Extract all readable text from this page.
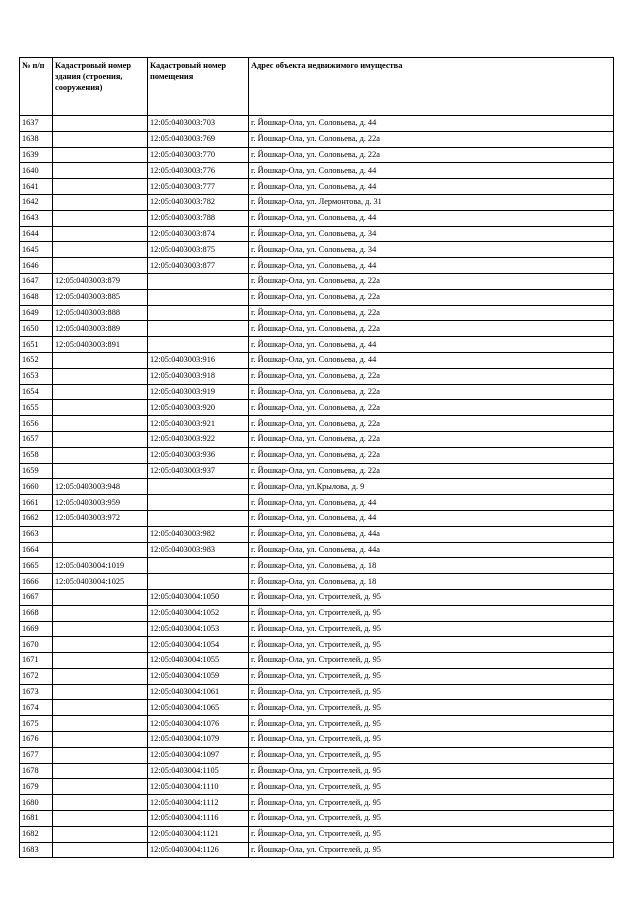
№ п/п	Кадастровый номер здания (строения, сооружения)	Кадастровый номер помещения	Адрес объекта недвижимого имущества
1637		12:05:0403003:703	г. Йошкар-Ола, ул. Соловьева, д. 44
1638		12:05:0403003:769	г. Йошкар-Ола, ул. Соловьева, д. 22а
1639		12:05:0403003:770	г. Йошкар-Ола, ул. Соловьева, д. 22а
1640		12:05:0403003:776	г. Йошкар-Ола, ул. Соловьева, д. 44
1641		12:05:0403003:777	г. Йошкар-Ола, ул. Соловьева, д. 44
1642		12:05:0403003:782	г. Йошкар-Ола, ул. Лермонтова, д. 31
1643		12:05:0403003:788	г. Йошкар-Ола, ул. Соловьева, д. 44
1644		12:05:0403003:874	г. Йошкар-Ола, ул. Соловьева, д. 34
1645		12:05:0403003:875	г. Йошкар-Ола, ул. Соловьева, д. 34
1646		12:05:0403003:877	г. Йошкар-Ола, ул. Соловьева, д. 44
1647	12:05:0403003:879		г. Йошкар-Ола, ул. Соловьева, д. 22а
1648	12:05:0403003:885		г. Йошкар-Ола, ул. Соловьева, д. 22а
1649	12:05:0403003:888		г. Йошкар-Ола, ул. Соловьева, д. 22а
1650	12:05:0403003:889		г. Йошкар-Ола, ул. Соловьева, д. 22а
1651	12:05:0403003:891		г. Йошкар-Ола, ул. Соловьева, д. 44
1652		12:05:0403003:916	г. Йошкар-Ола, ул. Соловьева, д. 44
1653		12:05:0403003:918	г. Йошкар-Ола, ул. Соловьева, д. 22а
1654		12:05:0403003:919	г. Йошкар-Ола, ул. Соловьева, д. 22а
1655		12:05:0403003:920	г. Йошкар-Ола, ул. Соловьева, д. 22а
1656		12:05:0403003:921	г. Йошкар-Ола, ул. Соловьева, д. 22а
1657		12:05:0403003:922	г. Йошкар-Ола, ул. Соловьева, д. 22а
1658		12:05:0403003:936	г. Йошкар-Ола, ул. Соловьева, д. 22а
1659		12:05:0403003:937	г. Йошкар-Ола, ул. Соловьева, д. 22а
1660	12:05:0403003:948		г. Йошкар-Ола, ул.Крылова, д. 9
1661	12:05:0403003:959		г. Йошкар-Ола, ул. Соловьева, д. 44
1662	12:05:0403003:972		г. Йошкар-Ола, ул. Соловьева, д. 44
1663		12:05:0403003:982	г. Йошкар-Ола, ул. Соловьева, д. 44а
1664		12:05:0403003:983	г. Йошкар-Ола, ул. Соловьева, д. 44а
1665	12:05:0403004:1019		г. Йошкар-Ола, ул. Соловьева, д. 18
1666	12:05:0403004:1025		г. Йошкар-Ола, ул. Соловьева, д. 18
1667		12:05:0403004:1050	г. Йошкар-Ола, ул. Строителей, д. 95
1668		12:05:0403004:1052	г. Йошкар-Ола, ул. Строителей, д. 95
1669		12:05:0403004:1053	г. Йошкар-Ола, ул. Строителей, д. 95
1670		12:05:0403004:1054	г. Йошкар-Ола, ул. Строителей, д. 95
1671		12:05:0403004:1055	г. Йошкар-Ола, ул. Строителей, д. 95
1672		12:05:0403004:1059	г. Йошкар-Ола, ул. Строителей, д. 95
1673		12:05:0403004:1061	г. Йошкар-Ола, ул. Строителей, д. 95
1674		12:05:0403004:1065	г. Йошкар-Ола, ул. Строителей, д. 95
1675		12:05:0403004:1076	г. Йошкар-Ола, ул. Строителей, д. 95
1676		12:05:0403004:1079	г. Йошкар-Ола, ул. Строителей, д. 95
1677		12:05:0403004:1097	г. Йошкар-Ола, ул. Строителей, д. 95
1678		12:05:0403004:1105	г. Йошкар-Ола, ул. Строителей, д. 95
1679		12:05:0403004:1110	г. Йошкар-Ола, ул. Строителей, д. 95
1680		12:05:0403004:1112	г. Йошкар-Ола, ул. Строителей, д. 95
1681		12:05:0403004:1116	г. Йошкар-Ола, ул. Строителей, д. 95
1682		12:05:0403004:1121	г. Йошкар-Ола, ул. Строителей, д. 95
1683		12:05:0403004:1126	г. Йошкар-Ола, ул. Строителей, д. 95
